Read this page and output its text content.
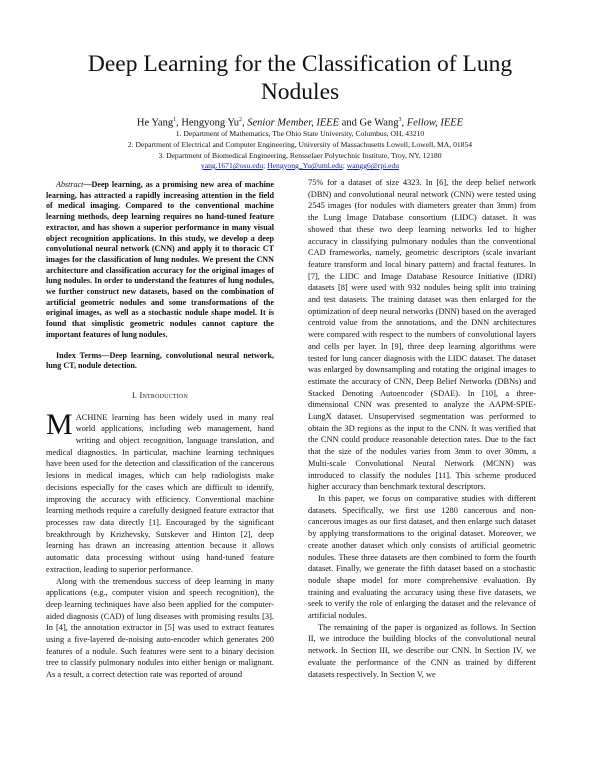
Deep Learning for the Classification of Lung Nodules
He Yang$^1$, Hengyong Yu$^2$, Senior Member, IEEE and Ge Wang$^3$, Fellow, IEEE
1. Department of Mathematics, The Ohio State University, Columbus, OH, 43210
2. Department of Electrical and Computer Engineering, University of Massachusetts Lowell, Lowell, MA, 01854
3. Department of Biomedical Engineering, Rensselaer Polytechnic Institute, Troy, NY, 12180
yang.1671@osu.edu; Hengyong_Yu@uml.edu; wangg6@rpi.edu

Abstract—Deep learning, as a promising new area of machine learning, has attracted a rapidly increasing attention in the field of medical imaging. Compared to the conventional machine learning methods, deep learning requires no hand-tuned feature extractor, and has shown a superior performance in many visual object recognition applications. In this study, we develop a deep convolutional neural network (CNN) and apply it to thoracic CT images for the classification of lung nodules. We present the CNN architecture and classification accuracy for the original images of lung nodules. In order to understand the features of lung nodules, we further construct new datasets, based on the combination of artificial geometric nodules and some transformations of the original images, as well as a stochastic nodule shape model. It is found that simplistic geometric nodules cannot capture the important features of lung nodules.

Index Terms—Deep learning, convolutional neural network, lung CT, nodule detection.

I. Introduction

MACHINE learning has been widely used in many real world applications, including web management, hand writing and object recognition, language translation, and medical diagnostics. In particular, machine learning techniques have been used for the detection and classification of the cancerous lesions in medical images, which can help radiologists make decisions especially for the cases which are difficult to identify, improving the accuracy with efficiency. Conventional machine learning methods require a carefully designed feature extractor that processes raw data directly [1]. Encouraged by the significant breakthrough by Krizhevsky, Sutskever and Hinton [2], deep learning has drawn an increasing attention because it allows automatic data processing without using hand-tuned feature extraction, leading to superior performance.

Along with the tremendous success of deep learning in many applications (e.g., computer vision and speech recognition), the deep learning techniques have also been applied for the computer-aided diagnosis (CAD) of lung diseases with promising results [3]. In [4], the annotation extractor in [5] was used to extract features using a five-layered de-noising auto-encoder which generates 200 features of a nodule. Such features were sent to a binary decision tree to classify pulmonary nodules into either benign or malignant. As a result, a correct detection rate was reported of around

75% for a dataset of size 4323. In [6], the deep belief network (DBN) and convolutional neural network (CNN) were tested using 2545 images (for nodules with diameters greater than 3mm) from the Lung Image Database consortium (LIDC) dataset. It was showed that these two deep learning networks led to higher accuracy in classifying pulmonary nodules than the conventional CAD frameworks, namely, geometric descriptors (scale invariant feature transform and local binary pattern) and fractal features. In [7], the LIDC and Image Database Resource Initiative (IDRI) datasets [8] were used with 932 nodules being split into training and test datasets. The training dataset was then enlarged for the optimization of deep neural networks (DNN) based on the averaged centroid value from the annotations, and the DNN architectures were compared with respect to the numbers of convolutional layers and cells per layer. In [9], three deep learning algorithms were tested for lung cancer diagnosis with the LIDC dataset. The dataset was enlarged by downsampling and rotating the original images to estimate the accuracy of CNN, Deep Belief Networks (DBNs) and Stacked Denoting Autoencoder (SDAE). In [10], a three-dimensional CNN was presented to analyze the AAPM-SPIE-LungX dataset. Unsupervised segmentation was performed to obtain the 3D regions as the input to the CNN. It was verified that the CNN could produce reasonable detection rates. Due to the fact that the size of the nodules varies from 3mm to over 30mm, a Multi-scale Convolutional Neural Network (MCNN) was introduced to classify the nodules [11]. This scheme produced higher accuracy than benchmark textural descriptors.

In this paper, we focus on comparative studies with different datasets. Specifically, we first use 1280 cancerous and non-cancerous images as our first dataset, and then enlarge such dataset by applying transformations to the original dataset. Moreover, we create another dataset which only consists of artificial geometric nodules. These three datasets are then combined to form the fourth dataset. Finally, we generate the fifth dataset based on a stochastic nodule shape model for more comprehensive evaluation. By training and evaluating the accuracy using these five datasets, we seek to verify the role of enlarging the dataset and the relevance of artificial nodules.

The remaining of the paper is organized as follows. In Section II, we introduce the building blocks of the convolutional neural network. In Section III, we describe our CNN. In Section IV, we evaluate the performance of the CNN as trained by different datasets respectively. In Section V, we
